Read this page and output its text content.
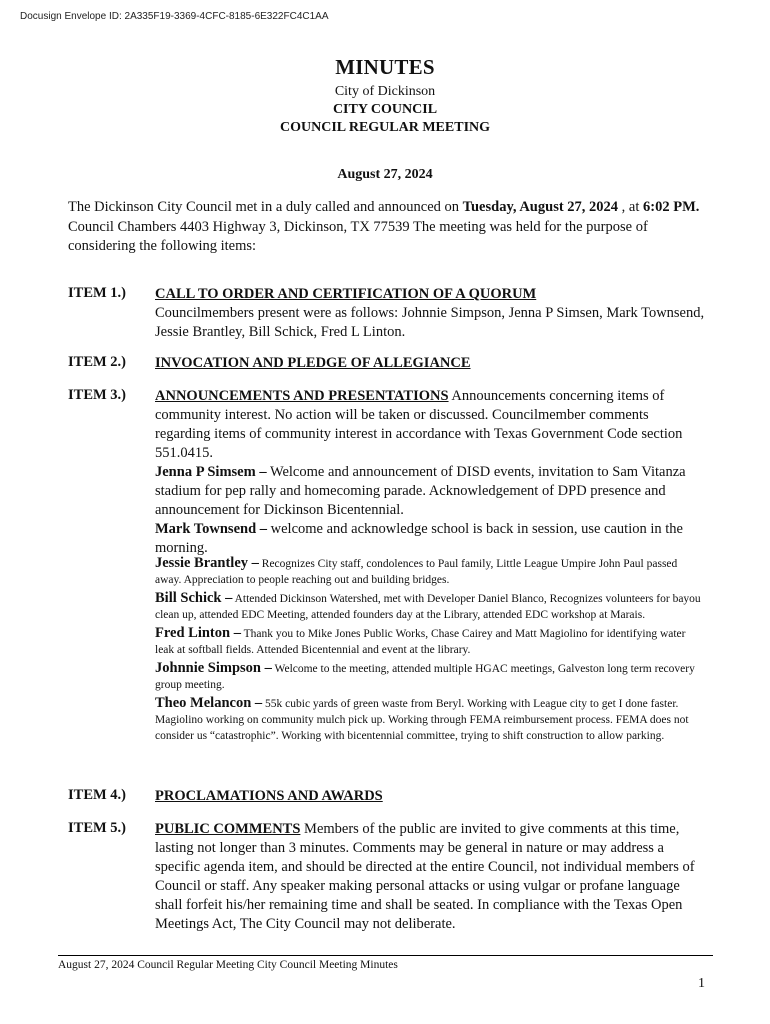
Docusign Envelope ID: 2A335F19-3369-4CFC-8185-6E322FC4C1AA
MINUTES
City of Dickinson
CITY COUNCIL
COUNCIL REGULAR MEETING
August 27, 2024
The Dickinson City Council met in a duly called and announced on Tuesday, August 27, 2024 , at 6:02 PM. Council Chambers 4403 Highway 3, Dickinson, TX 77539 The meeting was held for the purpose of considering the following items:
ITEM 1.) CALL TO ORDER AND CERTIFICATION OF A QUORUM
Councilmembers present were as follows: Johnnie Simpson, Jenna P Simsen, Mark Townsend, Jessie Brantley, Bill Schick, Fred L Linton.
ITEM 2.) INVOCATION AND PLEDGE OF ALLEGIANCE
ITEM 3.) ANNOUNCEMENTS AND PRESENTATIONS Announcements concerning items of community interest. No action will be taken or discussed. Councilmember comments regarding items of community interest in accordance with Texas Government Code section 551.0415.
Jenna P Simsem – Welcome and announcement of DISD events, invitation to Sam Vitanza stadium for pep rally and homecoming parade. Acknowledgement of DPD presence and announcement for Dickinson Bicentennial.
Mark Townsend – welcome and acknowledge school is back in session, use caution in the morning.
Jessie Brantley – Recognizes City staff, condolences to Paul family, Little League Umpire John Paul passed away. Appreciation to people reaching out and building bridges.
Bill Schick – Attended Dickinson Watershed, met with Developer Daniel Blanco, Recognizes volunteers for bayou clean up, attended EDC Meeting, attended founders day at the Library, attended EDC workshop at Marais.
Fred Linton – Thank you to Mike Jones Public Works, Chase Cairey and Matt Magiolino for identifying water leak at softball fields. Attended Bicentennial and event at the library.
Johnnie Simpson – Welcome to the meeting, attended multiple HGAC meetings, Galveston long term recovery group meeting.
Theo Melancon – 55k cubic yards of green waste from Beryl. Working with League city to get I done faster. Magiolino working on community mulch pick up. Working through FEMA reimbursement process. FEMA does not consider us “catastrophic”. Working with bicentennial committee, trying to shift construction to allow parking.
ITEM 4.) PROCLAMATIONS AND AWARDS
ITEM 5.) PUBLIC COMMENTS Members of the public are invited to give comments at this time, lasting not longer than 3 minutes. Comments may be general in nature or may address a specific agenda item, and should be directed at the entire Council, not individual members of Council or staff. Any speaker making personal attacks or using vulgar or profane language shall forfeit his/her remaining time and shall be seated. In compliance with the Texas Open Meetings Act, The City Council may not deliberate.
August 27, 2024 Council Regular Meeting City Council Meeting Minutes
1
